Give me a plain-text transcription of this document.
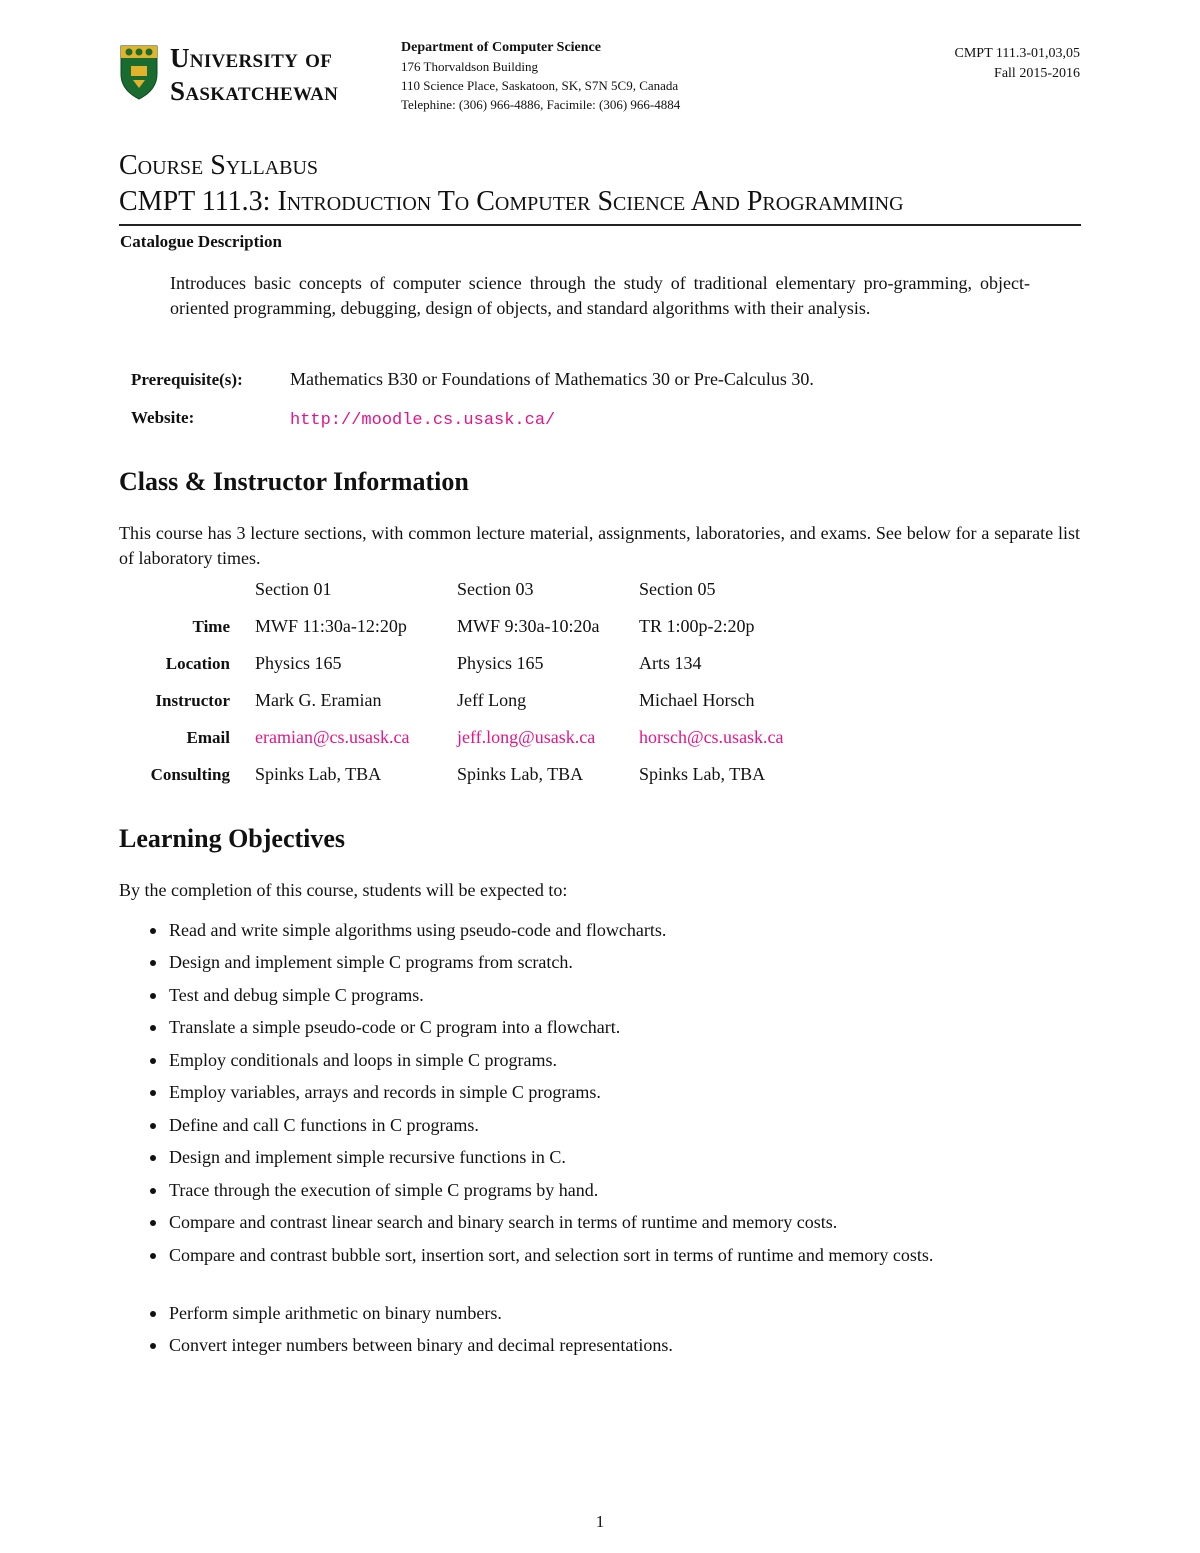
University of
Saskatchewan
Department of Computer Science
176 Thorvaldson Building
110 Science Place, Saskatoon, SK, S7N 5C9, Canada
Telephine: (306) 966-4886, Facimile: (306) 966-4884
CMPT 111.3-01,03,05
Fall 2015-2016
Course Syllabus
CMPT 111.3: Introduction To Computer Science And Programming
Catalogue Description
Introduces basic concepts of computer science through the study of traditional elementary pro-gramming, object-oriented programming, debugging, design of objects, and standard algorithms with their analysis.
Prerequisite(s):	Mathematics B30 or Foundations of Mathematics 30 or Pre-Calculus 30.
Website:	http://moodle.cs.usask.ca/
Class & Instructor Information
This course has 3 lecture sections, with common lecture material, assignments, laboratories, and exams. See below for a separate list of laboratory times.
Section 01	Section 03	Section 05
Time MWF 11:30a-12:20p	MWF 9:30a-10:20a TR 1:00p-2:20p
Location Physics 165	Physics 165	Arts 134
Instructor Mark G. Eramian	Jeff Long	Michael Horsch
Email eramian@cs.usask.ca	jeff.long@usask.ca horsch@cs.usask.ca
Consulting Spinks Lab, TBA	Spinks Lab, TBA	Spinks Lab, TBA
Learning Objectives
By the completion of this course, students will be expected to:
Read and write simple algorithms using pseudo-code and flowcharts.
Design and implement simple C programs from scratch.
Test and debug simple C programs.
Translate a simple pseudo-code or C program into a flowchart.
Employ conditionals and loops in simple C programs.
Employ variables, arrays and records in simple C programs.
Define and call C functions in C programs.
Design and implement simple recursive functions in C.
Trace through the execution of simple C programs by hand.
Compare and contrast linear search and binary search in terms of runtime and memory costs.
Compare and contrast bubble sort, insertion sort, and selection sort in terms of runtime and memory costs.
Perform simple arithmetic on binary numbers.
Convert integer numbers between binary and decimal representations.
1
